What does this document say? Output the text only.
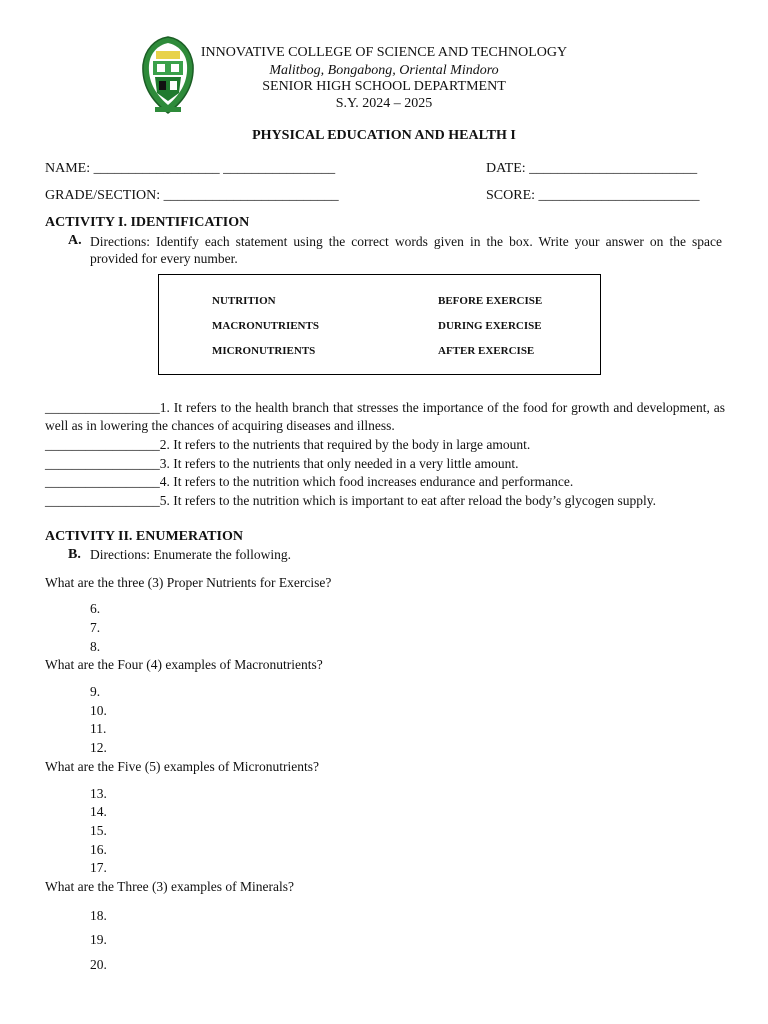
INNOVATIVE COLLEGE OF SCIENCE AND TECHNOLOGY
Malitbog, Bongabong, Oriental Mindoro
SENIOR HIGH SCHOOL DEPARTMENT
S.Y. 2024 – 2025
PHYSICAL EDUCATION AND HEALTH I
NAME: __________________ ________________	DATE: ________________________
GRADE/SECTION: _________________________	SCORE: _______________________
ACTIVITY I. IDENTIFICATION
A. Directions: Identify each statement using the correct words given in the box. Write your answer on the space provided for every number.
NUTRITION
MACRONUTRIENTS
MICRONUTRIENTS
BEFORE EXERCISE
DURING EXERCISE
AFTER EXERCISE
_________________1. It refers to the health branch that stresses the importance of the food for growth and development, as well as in lowering the chances of acquiring diseases and illness.
_________________2. It refers to the nutrients that required by the body in large amount.
_________________3. It refers to the nutrients that only needed in a very little amount.
_________________4. It refers to the nutrition which food increases endurance and performance.
_________________5. It refers to the nutrition which is important to eat after reload the body’s glycogen supply.
ACTIVITY II. ENUMERATION
B. Directions: Enumerate the following.
What are the three (3) Proper Nutrients for Exercise?
6.
7.
8.
What are the Four (4) examples of Macronutrients?
9.
10.
11.
12.
What are the Five (5) examples of Micronutrients?
13.
14.
15.
16.
17.
What are the Three (3) examples of Minerals?
18.
19.
20.
